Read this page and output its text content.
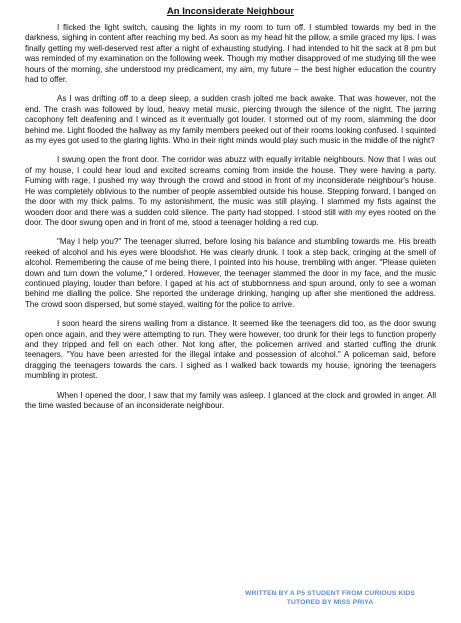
An Inconsiderate Neighbour

I flicked the light switch, causing the lights in my room to turn off. I stumbled towards my bed in the darkness, sighing in content after reaching my bed. As soon as my head hit the pillow, a smile graced my lips. I was finally getting my well-deserved rest after a night of exhausting studying. I had intended to hit the sack at 8 pm but was reminded of my examination on the following week. Though my mother disapproved of me studying till the wee hours of the morning, she understood my predicament, my aim, my future – the best higher education the country had to offer.

As I was drifting off to a deep sleep, a sudden crash jolted me back awake. That was however, not the end. The crash was followed by loud, heavy metal music, piercing through the silence of the night. The jarring cacophony felt deafening and I winced as it eventually got louder. I stormed out of my room, slamming the door behind me. Light flooded the hallway as my family members peeked out of their rooms looking confused. I squinted as my eyes got used to the glaring lights. Who in their right minds would play such music in the middle of the night?

I swung open the front door. The corridor was abuzz with equally irritable neighbours. Now that I was out of my house, I could hear loud and excited screams coming from inside the house. They were having a party. Fuming with rage, I pushed my way through the crowd and stood in front of my inconsiderate neighbour's house. He was completely oblivious to the number of people assembled outside his house. Stepping forward, I banged on the door with my thick palms. To my astonishment, the music was still playing. I slammed my fists against the wooden door and there was a sudden cold silence. The party had stopped. I stood still with my eyes rooted on the door. The door swung open and in front of me, stood a teenager holding a red cup.

"May I help you?" The teenager slurred, before losing his balance and stumbling towards me. His breath reeked of alcohol and his eyes were bloodshot. He was clearly drunk. I took a step back, cringing at the smell of alcohol. Remembering the cause of me being there, I pointed into his house, trembling with anger. "Please quieten down and turn down the volume," I ordered. However, the teenager slammed the door in my face, and the music continued playing, louder than before. I gaped at his act of stubbornness and spun around, only to see a woman behind me dialling the police. She reported the underage drinking, hanging up after she mentioned the address. The crowd soon dispersed, but some stayed, waiting for the police to arrive.

I soon heard the sirens wailing from a distance. It seemed like the teenagers did too, as the door swung open once again, and they were attempting to run. They were however, too drunk for their legs to function properly and they tripped and fell on each other. Not long after, the policemen arrived and started cuffing the drunk teenagers. "You have been arrested for the illegal intake and possession of alcohol." A policeman said, before dragging the teenagers towards the cars. I sighed as I walked back towards my house, ignoring the teenagers mumbling in protest.

When I opened the door, I saw that my family was asleep. I glanced at the clock and growled in anger. All the time wasted because of an inconsiderate neighbour.

WRITTEN BY A P5 STUDENT FROM CURIOUS KIDS
TUTORED BY MISS PRIYA
